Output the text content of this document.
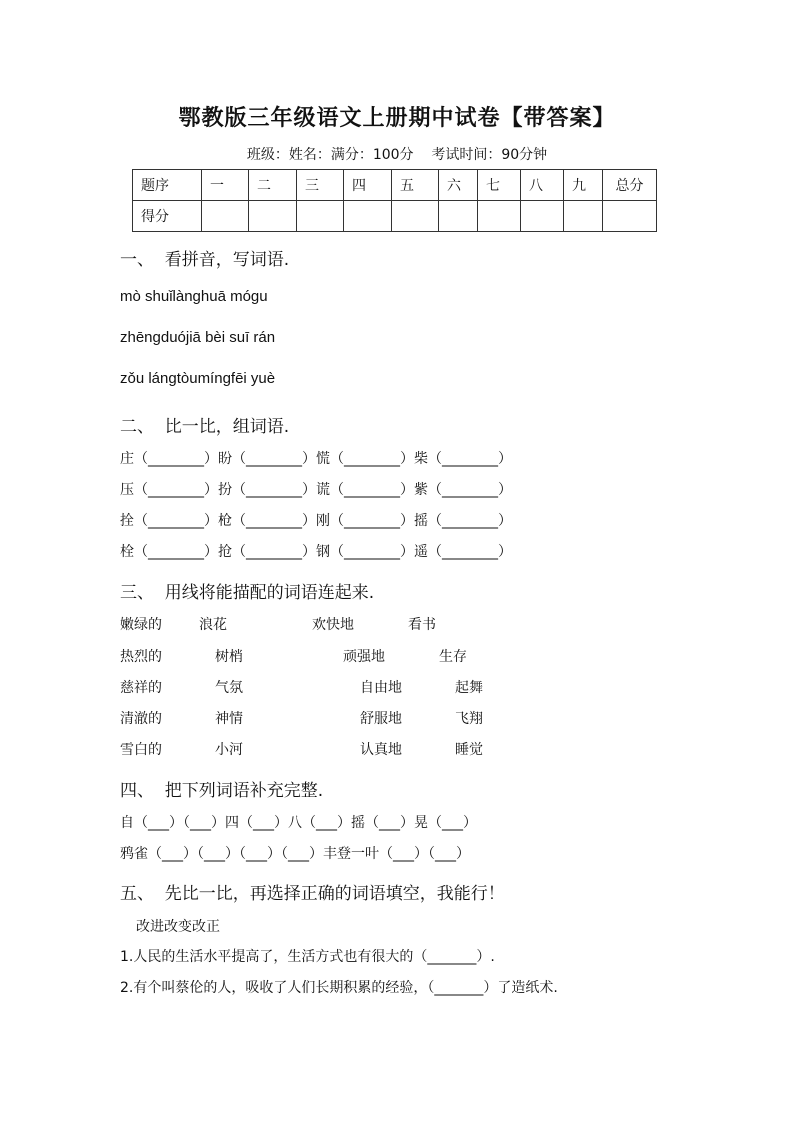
鄂教版三年级语文上册期中试卷【带答案】
班级：姓名：满分：100分    考试时间：90分钟
题序	一	二	三	四	五	六	七	八	九	总分
得分										
一、  看拼音，写词语.
mò shuǐlànghuā mógu
zhēngduójiā bèi suī rán
zǒu lángtòumíngfēi yuè
二、  比一比，组词语.
庄（________）盼（________）慌（________）柴（________）
压（________）扮（________）谎（________）紫（________）
拴（________）枪（________）刚（________）摇（________）
栓（________）抢（________）钢（________）遥（________）
三、  用线将能描配的词语连起来.
嫩绿的	浪花	欢快地	看书
热烈的	树梢	顽强地	生存
慈祥的	气氛	自由地	起舞
清澈的	神情	舒服地	飞翔
雪白的	小河	认真地	睡觉
四、  把下列词语补充完整.
自（___）（___）四（___）八（___）摇（___）晃（___）
鸦雀（___）（___）（___）（___）丰登一叶（___）（___）
五、  先比一比，再选择正确的词语填空，我能行！
改进改变改正
1.人民的生活水平提高了，生活方式也有很大的（_______）.
2.有个叫蔡伦的人，吸收了人们长期积累的经验，（_______）了造纸术.
